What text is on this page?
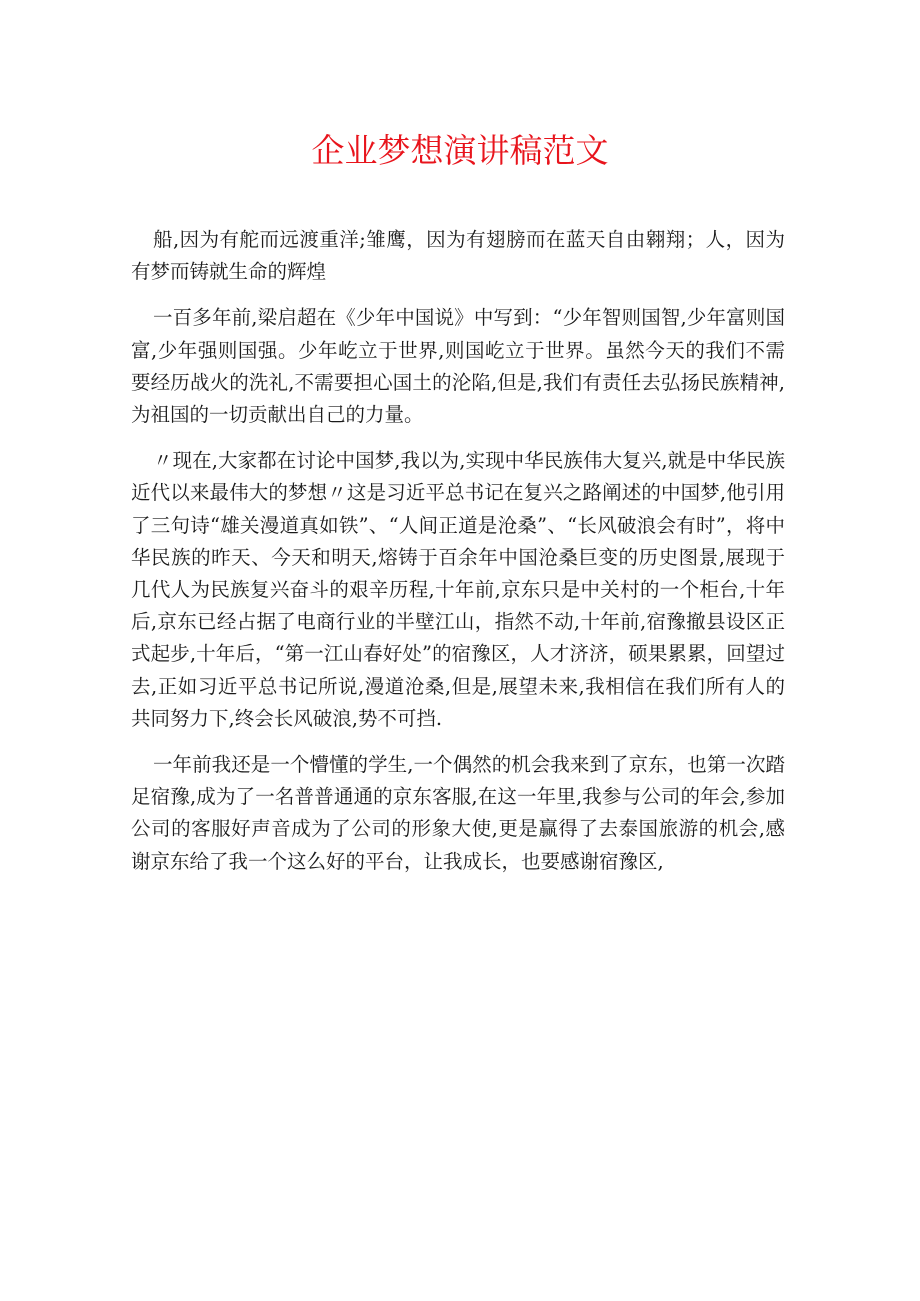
企业梦想演讲稿范文

船,因为有舵而远渡重洋;雏鹰，因为有翅膀而在蓝天自由翱翔；人，因为有梦而铸就生命的辉煌

一百多年前,梁启超在《少年中国说》中写到：“少年智则国智,少年富则国富,少年强则国强。少年屹立于世界,则国屹立于世界。虽然今天的我们不需要经历战火的洗礼,不需要担心国土的沦陷,但是,我们有责任去弘扬民族精神,为祖国的一切贡献出自己的力量。

〃现在,大家都在讨论中国梦,我以为,实现中华民族伟大复兴,就是中华民族近代以来最伟大的梦想〃这是习近平总书记在复兴之路阐述的中国梦,他引用了三句诗“雄关漫道真如铁”、“人间正道是沧桑”、“长风破浪会有时”，将中华民族的昨天、今天和明天,熔铸于百余年中国沧桑巨变的历史图景,展现于几代人为民族复兴奋斗的艰辛历程,十年前,京东只是中关村的一个柜台,十年后,京东已经占据了电商行业的半壁江山，指然不动,十年前,宿豫撤县设区正式起步,十年后，“第一江山春好处”的宿豫区，人才济济，硕果累累，回望过去,正如习近平总书记所说,漫道沧桑,但是,展望未来,我相信在我们所有人的共同努力下,终会长风破浪,势不可挡.

一年前我还是一个懵懂的学生,一个偶然的机会我来到了京东，也第一次踏足宿豫,成为了一名普普通通的京东客服,在这一年里,我参与公司的年会,参加公司的客服好声音成为了公司的形象大使,更是赢得了去泰国旅游的机会,感谢京东给了我一个这么好的平台，让我成长，也要感谢宿豫区,
